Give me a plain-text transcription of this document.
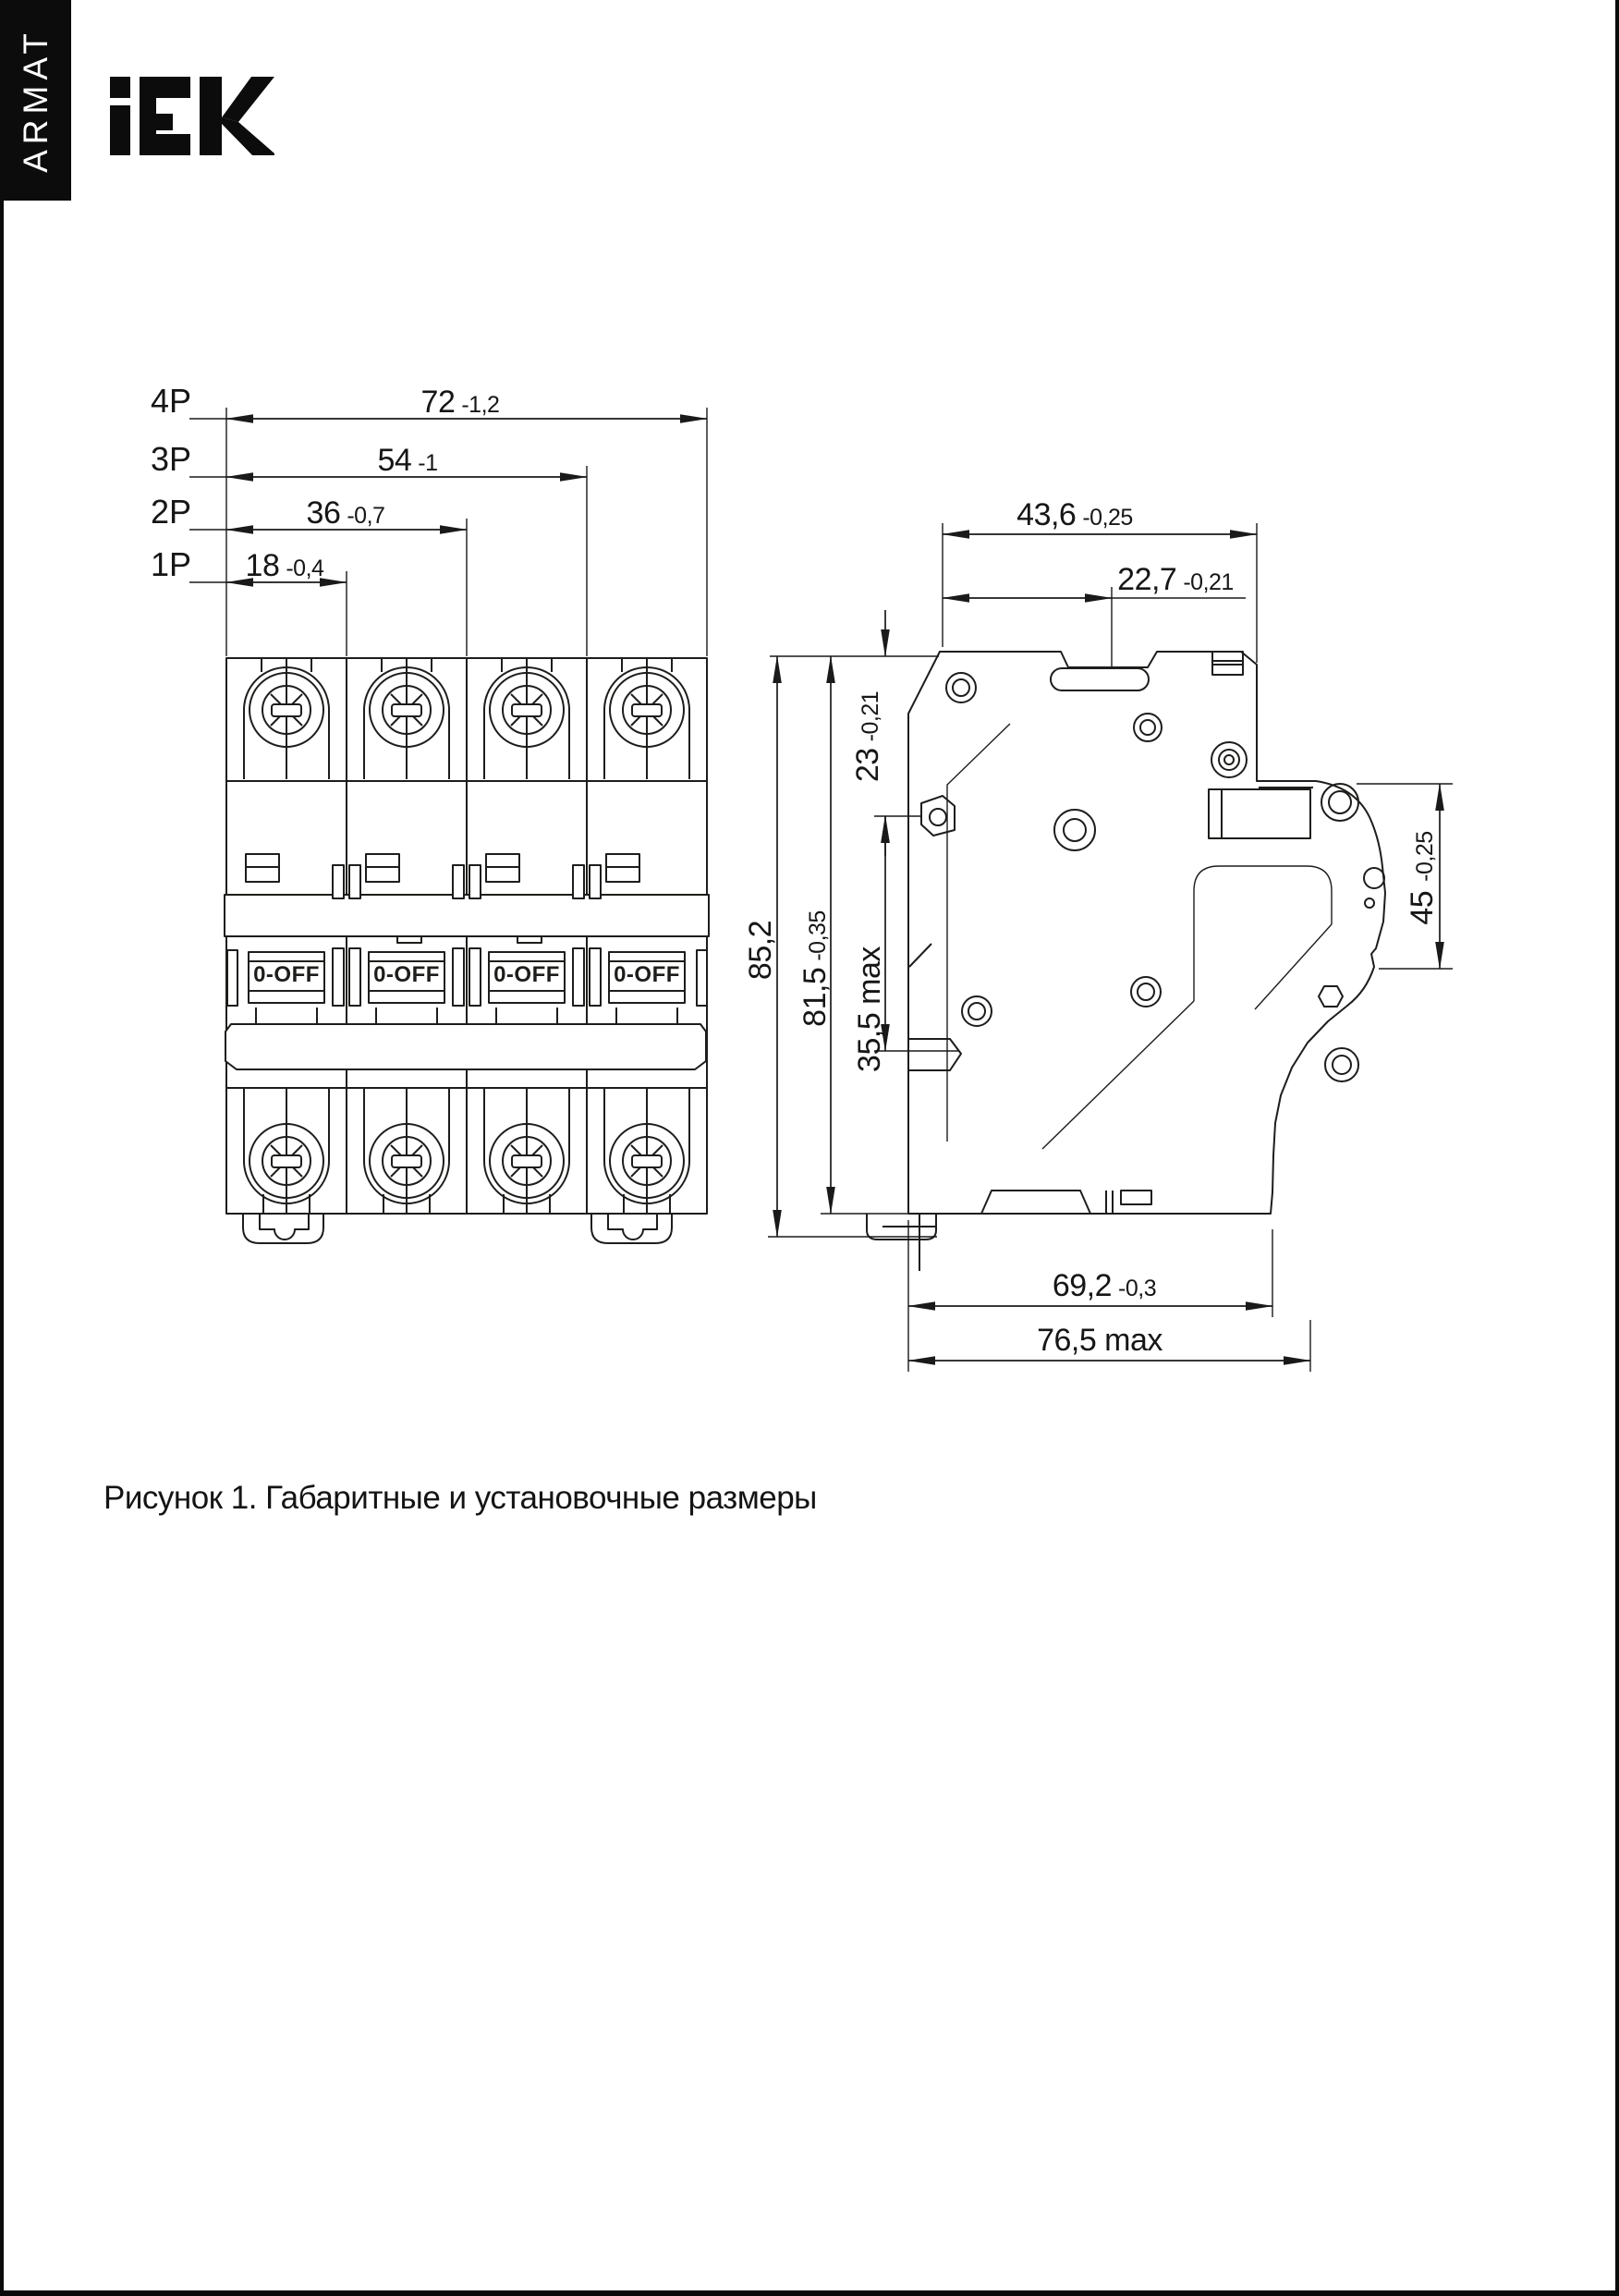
ARMAT
0-OFF 0-OFF 0-OFF 0-OFF
4P
3P
2P
1P
72 -1,2
54 -1
36 -0,7
18 -0,4
43,6 -0,25
22,7 -0,21
23-0,21
35,5 max
85,2
81,5-0,35
45-0,25
69,2 -0,3
76,5 max
Рисунок 1. Габаритные и установочные размеры
